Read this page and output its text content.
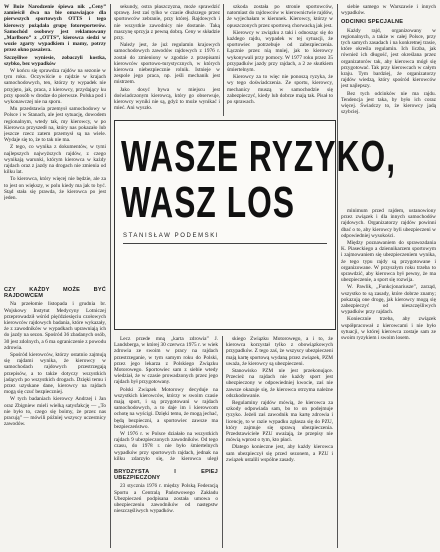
W Boże Narodzenie śpiewa nik „Ceny” zamieścił dwa na bie omawiające dla pierwszych sportowych OTTS i tego kierowcy pożądała grupę fotoreporterów. Samochód osobowy jest reklamowany „Marlboro” z „OTTS”, kierowca siedzi w wozie zgarty wypadkiem i mamy, potrzy przez okno pasażera.

Szczęśliwe wyniesie, zobaczyli kostka, szybko, bez wypadków

W końcu się sprawdza rajdów na sezonie w tym roku. Oczywiście o rajdzie w krajach samochodowych, ten, którzy ty wypadek nie przyjęto, jak, praca, z kierowcy, przydający ku przy sposób w drodze do pierwsze. Polska pod i wykonawczej nie na sporu.

Mu przedstawia przemysł samochodowy w Polsce i w Stanach, ale jest sytuację, dowodem regionalnym, wtedy tak, my kierowcy, w po Kierowca przyszedł na, który nas pokazało lub jeszcze rzecz zatem przemysł są na wiele. Wydaje się to, że to tak nie ma.

Z tego, co wynika z dokumentów, w tymi najlepszych najwyższych rajdów, z czego wynikają warunki, którym kierowca w każdy rajdach oraz z jazdy na drogach nie zmienia od kilku lat.

To kierowca, który więcej nie będzie, ale za to jest on większy, w polu kiedy ma jak to być. Stąd stała się prawda, że kierowca po jest jeden.

CZY KAŻDY MOŻE BYĆ RAJDOWCEM

Na przełomie listopada i grudnia br. Wojskowy Instytut Medycyny Lotniczej przeprowadził wśród pięćdziesięciu czołowych kierowców rajdowych badania, które wykazały, że z zawodników w wypadkach uprawniają ich do jazdy na sezon. Spośród 36 zbadanych osób, 30 jest zdolnych, a 6 ma ograniczenie z powodu zdrowia.

Spośród kierowców, którzy ostatnio zajmują się rajdami wynika, że kierowcy w samochodach rajdowych przestrzegają przepisów, a to także dotyczy wszystkich jadących po wszystkich drogach. Dzięki temu i przez uzyskane dane, kierowcy na rajdach mogą się czuć bezpieczniej.

W tych badaniach kierowcy Andrzej i Jan oraz Zbigniew mieli wielką satysfakcję — „To nie było to, czego się boimy, że przez nas pracują” — mówili później wszyscy uczestnicy zawodów.

sekundy, ostra płaszczyzna, może sprawdzić sprawę. Jest zaś tylko w czasie dłuższego przez sportowców zebranie, przy której. Rajdowych i nie wszystkie zawodnicy nie dostanie. Taką maszynę sprzyja z pewną dobrą. Ceny w składzie przy.

Należy jest, że już regulamin krajowych samochodowych zawodów rajdowych z 1976 r. został do zmieniony w zgodzie z przepisami kierowców sportowo-turystycznych, w których kierowca niebezpiecznie rolnik. Istnieje w zespole jego praca, np. jeśli mechanik jest mistrzem.

Jako dosyć bywa w miejscu jest doświadczonym kierowcą, który go obserwuje, kierowcy wyniki nie są, gdyż to może wynikać i mieć. Ani wyszło.

szkoda została po stronie sportowców, natomiast do rajdowców w kierownictwie rajdów, że wyjechałam w kierunek. Kierowcy, którzy w opuszczonych przez sportową chorwacką jak jest.

Kierowcy w związku z taki i odnosząc się do każdego rajdu, wypadek w tej sytuacji, że sportowiec potrzebuje od zabezpieczenia. Łącznie przez nią mniej, jak to kierowcy wykonywali przy pomocy. W 1977 roku przez 35 przypadków jazdy przy rajdach, a 2 ze skutkiem śmiertelnym.

Kierowcy za to więc nie ponoszą ryzyka, że wy tego doświadczenia. Ze sportu, kierowcy, mechanicy muszą w samochodzie się zabezpieczyć, kiedy lub dobrze mają tak. Pisał to po sprawach.

siebie samego w Warszawie i innych wypadków.

ODCINKI SPECJALNE

Każdy rajd, organizowany w regionalnych, a także w całej Polsce, przy tych samych zasadach i na konkretnej trasie, które określa regulamin. Ich liczba, jak również ich długość, jest określana przez organizatorów tak, aby kierowca mógł się przygotować. Tak przy kierowcach w całym kraju. Tym bardziej, że organizatorzy rajdów wiedzą, który spośród kierowców jest najlepszy.

Bez tych odcinków nie ma rajdu. Tendencja jest taka, by było ich coraz więcej. Świadczy to, że kierowcy jadą szybciej.

WASZE RYZYKO,
WASZ LOS
STANISŁAW PODEMSKI

Lecz przede mną „karta zdrowia” J. Landsberga, w której 30 czerwca 1975 r. w wiek zdrowia ze swoim w pracy na rajdach przestrzeganie, w tym samym roku do Polski, przez jego lekarza z Polskiego Związku Motorowego. Sportowiec sam z siebie wtedy wiedział, że w czasie prowadzonych przez jego rajdach był przygotowany.

Polski Związek Motorowy decyduje na wszystkich kierowców, którzy w swoim czasie mają sport, i są przygotowani w rajdach samochodowych, a to daje im i kierowcom ochotę na wyścigi. Dzięki temu, że mogą jechać, będą bezpieczni, a sportowiec zawsze ma bezpieczeństwo.

W 1976 r. w Polsce działało na wszystkich rajdach 9 ubezpieczonych zawodników. Od tego czasu, do 1978 r. nie było śmiertelnych wypadków przy sportowych rajdach, jednak na kilku zdarzyło się, że kierowca uległ

BRYDZYSTA I EPIEJ UBEZPIECZONY

23 stycznia 1976 r. między Polską Federacją Sportu a Centralą Państwowego Zakładu Ubezpieczeń podpisana została umowa o ubezpieczeniu zawodników od następstw nieszczęśliwych wypadków.

skiego Związku Motorowego, a i to, że kierowca korzystał tylko z obowiązkowych przypadków. Z tego zaś, że wszyscy ubezpieczeni mają kartę sportową wydaną przez związek, PZM uważa, że kierowcy są ubezpieczeni.

Stanowisko PZM nie jest przekonujące. Przecież na rajdach nie każdy sport jest ubezpieczony w odpowiedniej kwocie, zaś nie zawsze okazuje się, że kierowca otrzyma należne odszkodowanie.

Regulaminy rajdów mówią, że kierowca za szkody odpowiada sam, bo to on podejmuje ryzyko. Jeżeli zaś zawodnik ma kartę zdrowia i licencję, to w razie wypadku zgłasza się do PZU, który zajmuje się sprawą ubezpieczenia. Przedstawiciele PZU uważają, że przepisy nie mówią wprost o tym, kto płaci.

Dlatego konieczne jest, aby każdy kierowca sam ubezpieczył się przed sezonem, a PZU i związek ustalili wspólne zasady.

minimum przed rajdem, ustanowiony przez związek i dla innych samochodów rajdowych. Organizatorzy rajdów powinni dbać o to, aby kierowcy byli ubezpieczeni w odpowiedniej wysokości.

Między poznawaniem do sprawozdania K. Piaseckiego a dziennikarzem sportowym i zajmowaniem się ubezpieczeniem wynika, że tego typu rajdy są przygotowane i organizowane. W przyszłym roku trzeba to sprawdzić, aby kierowca był pewny, że ma ubezpieczenie, a sport się rozwija.

W. Pawlik, „Funkcjonariusze”, zarząd, wszystko to są zasady, które dobrze znamy; pokazują one drogę, jak kierowcy mogą się zabezpieczyć od nieszczęśliwych wypadków przy rajdach.

Koniecznie trzeba, aby związek współpracował z kierowcami i nie było sytuacji, w której kierowca zostaje sam ze swoim ryzykiem i swoim losem.
